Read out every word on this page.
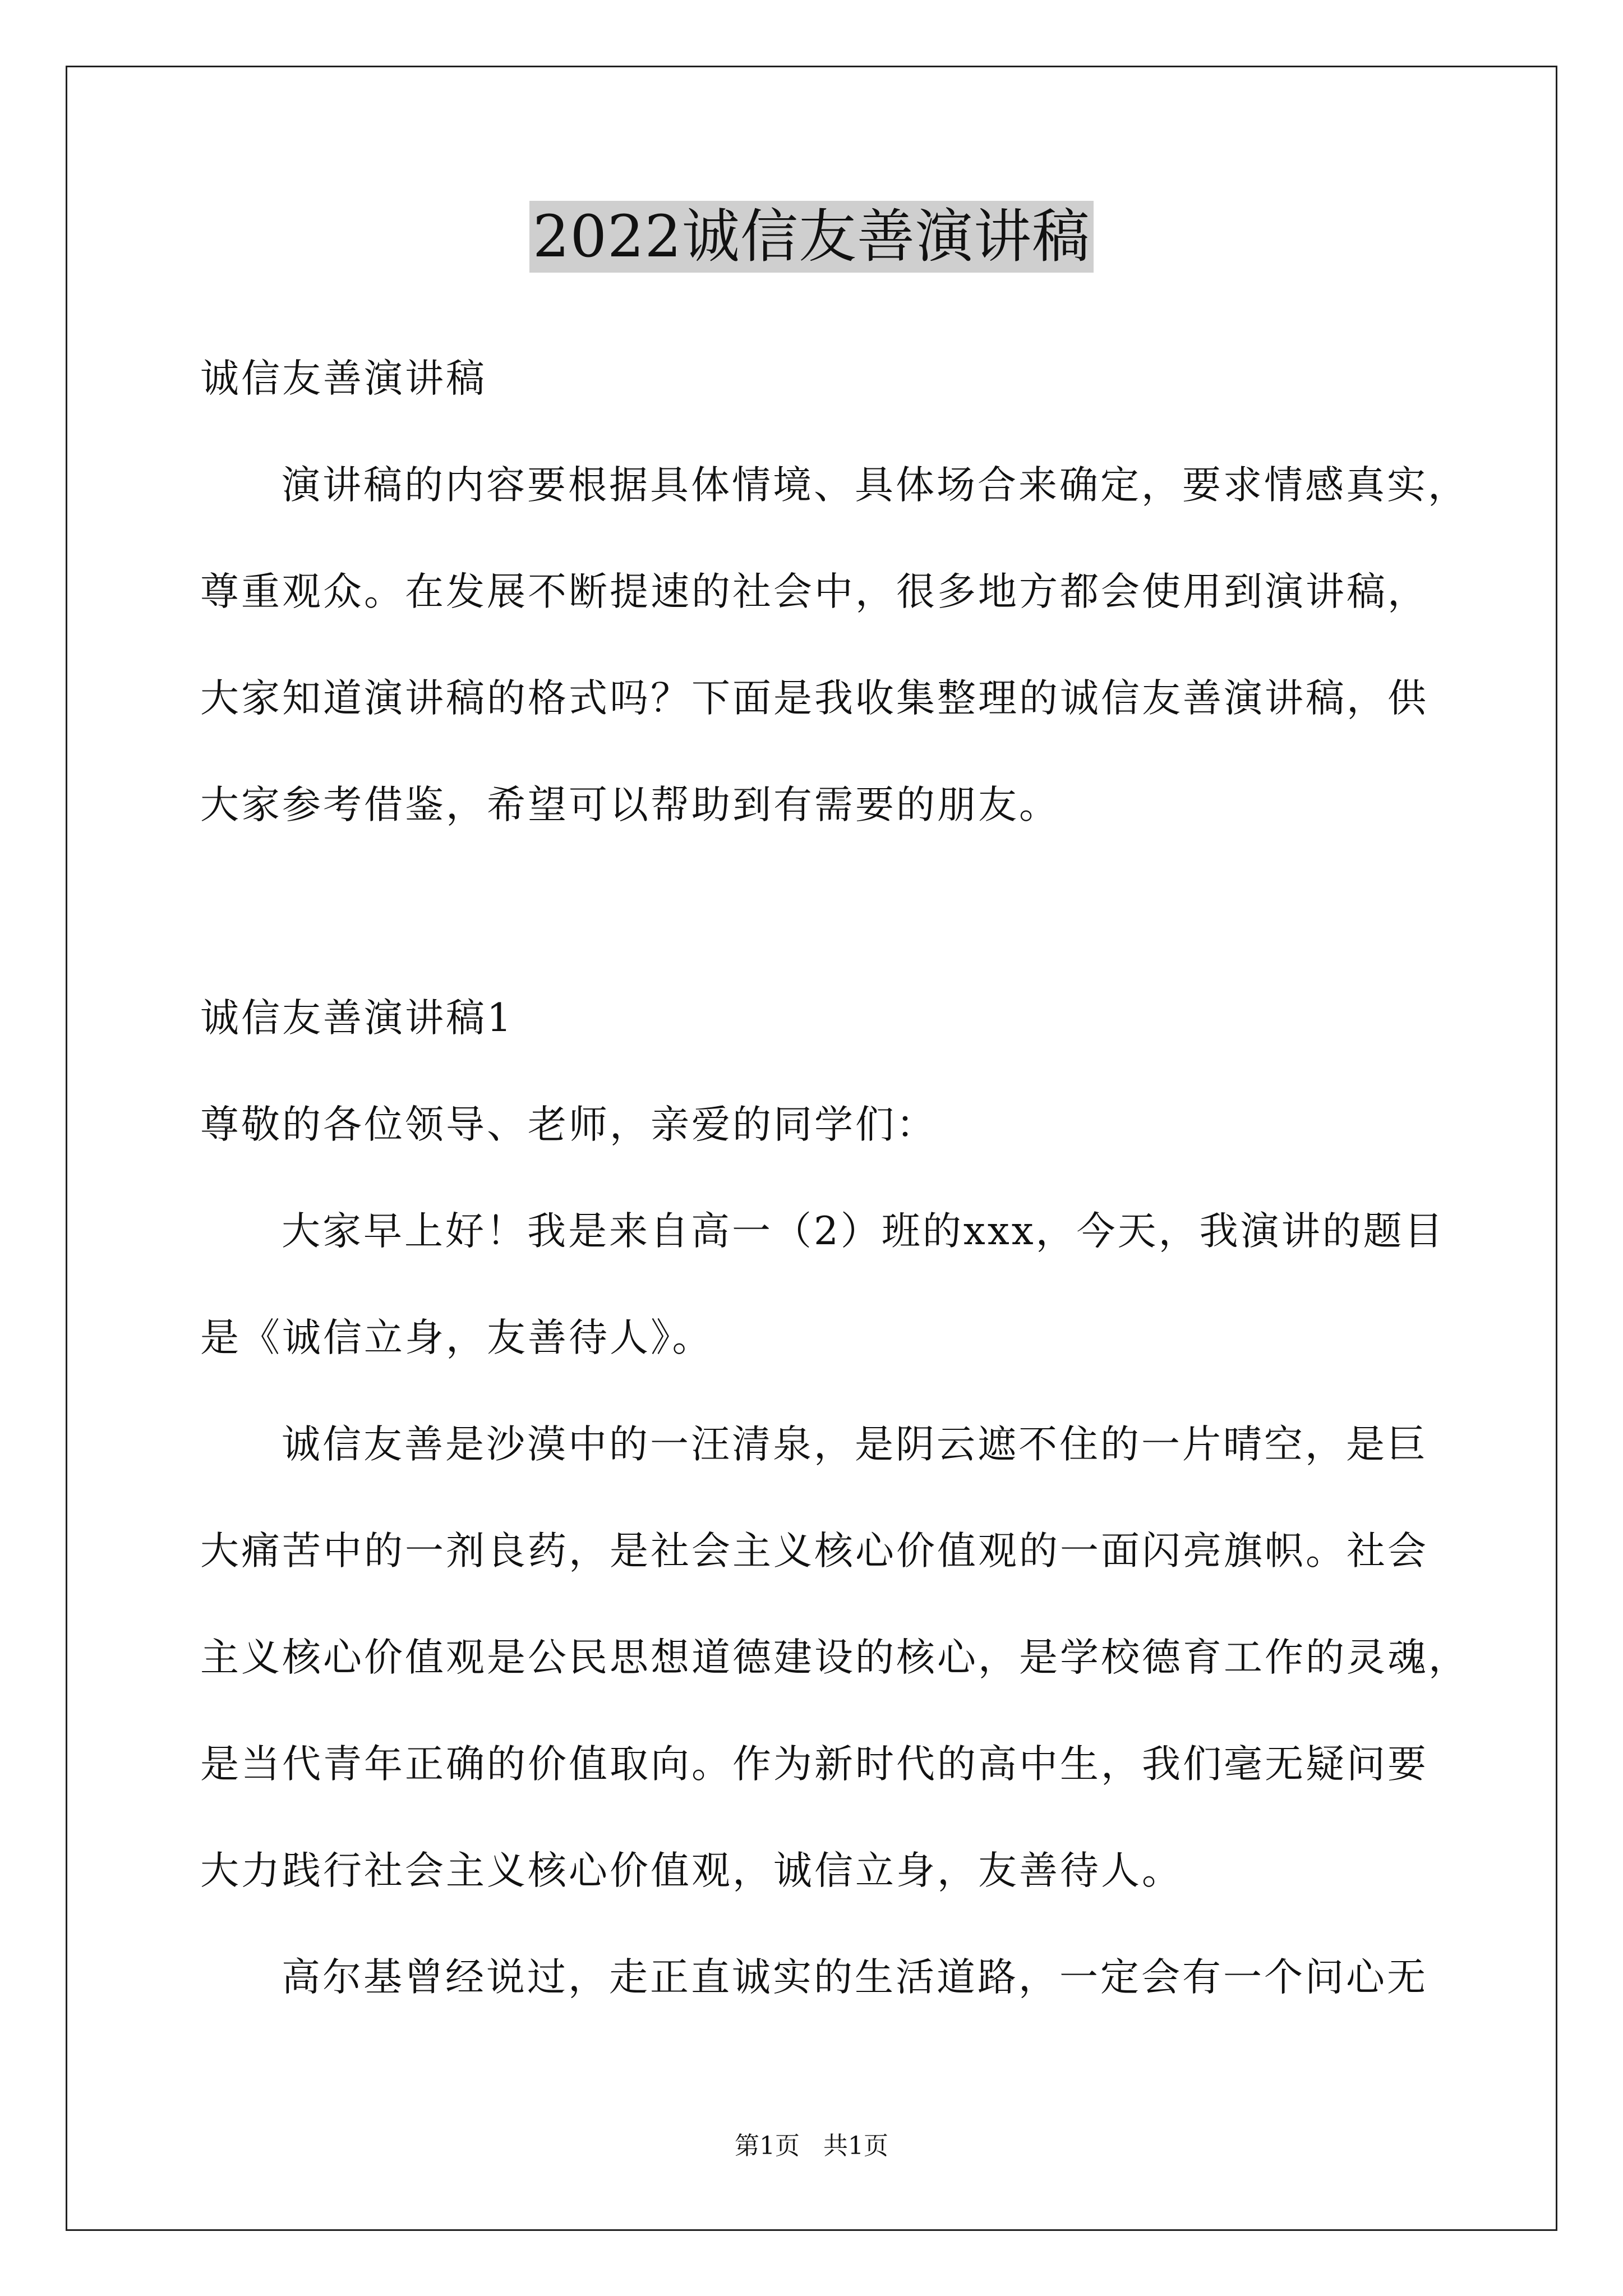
2022诚信友善演讲稿
诚信友善演讲稿
演讲稿的内容要根据具体情境、具体场合来确定，要求情感真实，
尊重观众。在发展不断提速的社会中，很多地方都会使用到演讲稿，
大家知道演讲稿的格式吗？下面是我收集整理的诚信友善演讲稿，供
大家参考借鉴，希望可以帮助到有需要的朋友。
诚信友善演讲稿1
尊敬的各位领导、老师，亲爱的同学们：
大家早上好！我是来自高一（2）班的xxx，今天，我演讲的题目
是《诚信立身，友善待人》。
诚信友善是沙漠中的一汪清泉，是阴云遮不住的一片晴空，是巨
大痛苦中的一剂良药，是社会主义核心价值观的一面闪亮旗帜。社会
主义核心价值观是公民思想道德建设的核心，是学校德育工作的灵魂，
是当代青年正确的价值取向。作为新时代的高中生，我们毫无疑问要
大力践行社会主义核心价值观，诚信立身，友善待人。
高尔基曾经说过，走正直诚实的生活道路，一定会有一个问心无
第1页   共1页
